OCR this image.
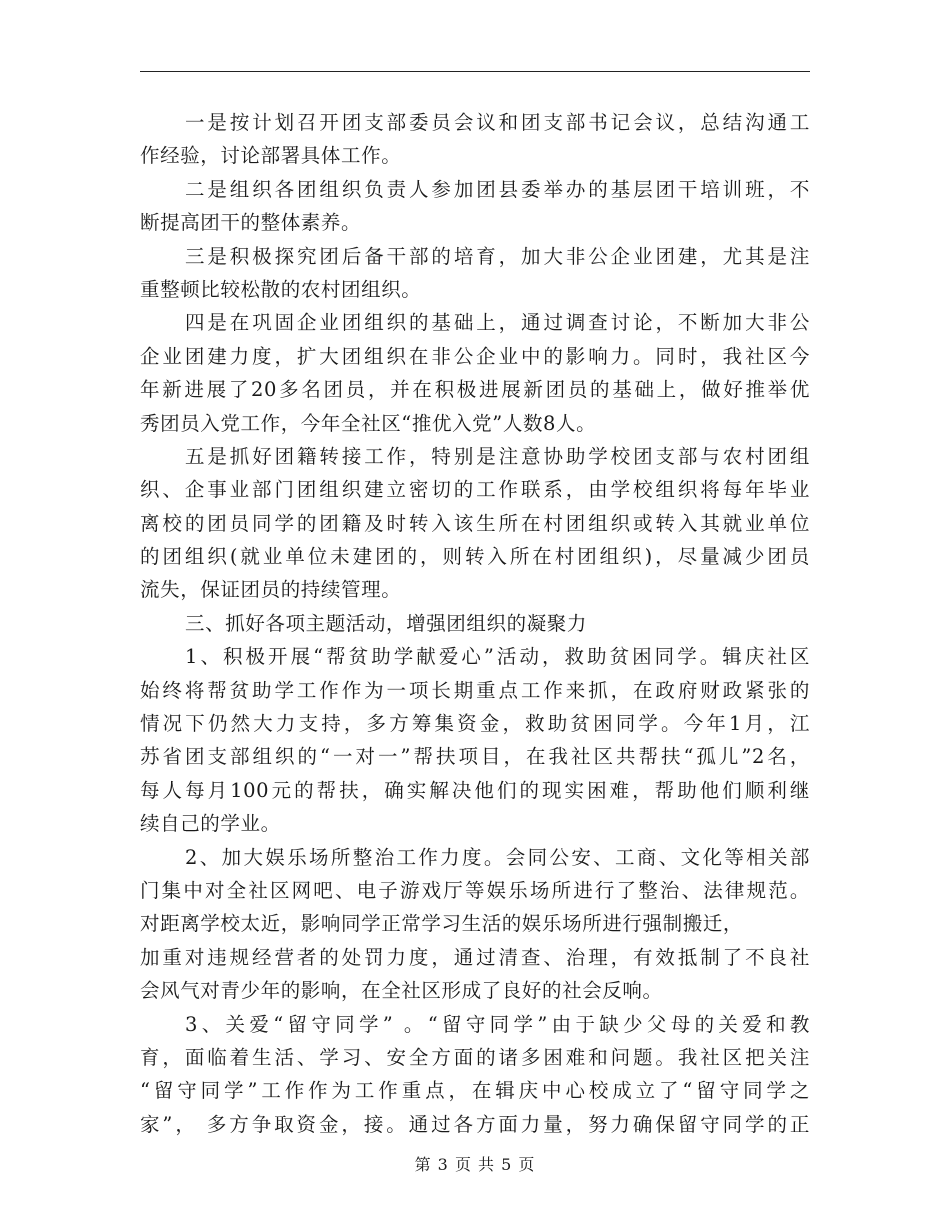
一是按计划召开团支部委员会议和团支部书记会议，总结沟通工
作经验，讨论部署具体工作。
二是组织各团组织负责人参加团县委举办的基层团干培训班，不
断提高团干的整体素养。
三是积极探究团后备干部的培育，加大非公企业团建，尤其是注
重整顿比较松散的农村团组织。
四是在巩固企业团组织的基础上，通过调查讨论，不断加大非公
企业团建力度，扩大团组织在非公企业中的影响力。同时，我社区今
年新进展了20多名团员，并在积极进展新团员的基础上，做好推举优
秀团员入党工作，今年全社区“推优入党”人数8人。
五是抓好团籍转接工作，特别是注意协助学校团支部与农村团组
织、企事业部门团组织建立密切的工作联系，由学校组织将每年毕业
离校的团员同学的团籍及时转入该生所在村团组织或转入其就业单位
的团组织(就业单位未建团的，则转入所在村团组织)，尽量减少团员
流失，保证团员的持续管理。
三、抓好各项主题活动，增强团组织的凝聚力
1、积极开展“帮贫助学献爱心”活动，救助贫困同学。辑庆社区
始终将帮贫助学工作作为一项长期重点工作来抓，在政府财政紧张的
情况下仍然大力支持，多方筹集资金，救助贫困同学。今年1月，江
苏省团支部组织的“一对一”帮扶项目，在我社区共帮扶“孤儿”2名，
每人每月100元的帮扶，确实解决他们的现实困难，帮助他们顺利继
续自己的学业。
2、加大娱乐场所整治工作力度。会同公安、工商、文化等相关部
门集中对全社区网吧、电子游戏厅等娱乐场所进行了整治、法律规范。
对距离学校太近，影响同学正常学习生活的娱乐场所进行强制搬迁，
加重对违规经营者的处罚力度，通过清查、治理，有效抵制了不良社
会风气对青少年的影响，在全社区形成了良好的社会反响。
3、关爱“留守同学” 。“留守同学”由于缺少父母的关爱和教
育，面临着生活、学习、安全方面的诸多困难和问题。我社区把关注
“留守同学”工作作为工作重点，在辑庆中心校成立了“留守同学之
家”， 多方争取资金，接。通过各方面力量，努力确保留守同学的正
第 3 页 共 5 页
